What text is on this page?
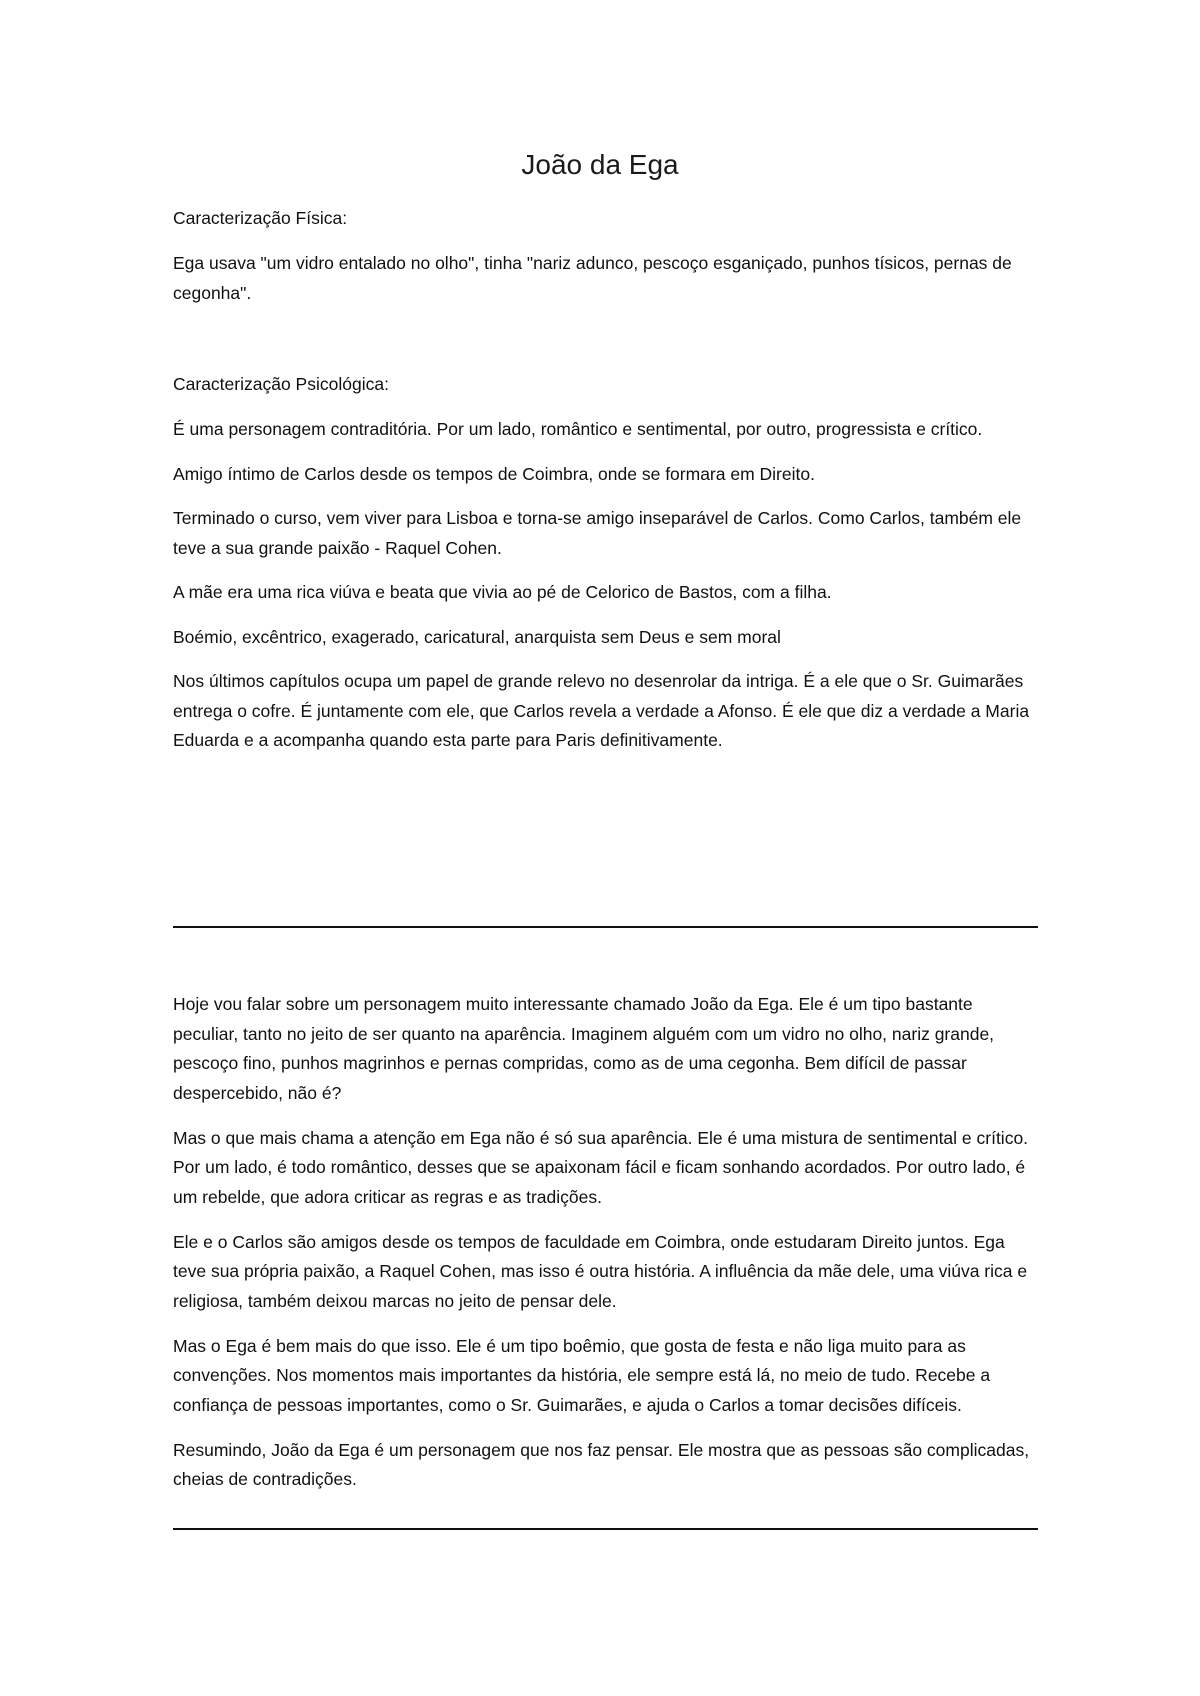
João da Ega
Caracterização Física:

Ega usava "um vidro entalado no olho", tinha "nariz adunco, pescoço esganiçado, punhos tísicos, pernas de cegonha".

Caracterização Psicológica:

É uma personagem contraditória. Por um lado, romântico e sentimental, por outro, progressista e crítico.

Amigo íntimo de Carlos desde os tempos de Coimbra, onde se formara em Direito.

Terminado o curso, vem viver para Lisboa e torna-se amigo inseparável de Carlos. Como Carlos, também ele teve a sua grande paixão - Raquel Cohen.

A mãe era uma rica viúva e beata que vivia ao pé de Celorico de Bastos, com a filha.

Boémio, excêntrico, exagerado, caricatural, anarquista sem Deus e sem moral

Nos últimos capítulos ocupa um papel de grande relevo no desenrolar da intriga. É a ele que o Sr. Guimarães entrega o cofre. É juntamente com ele, que Carlos revela a verdade a Afonso. É ele que diz a verdade a Maria Eduarda e a acompanha quando esta parte para Paris definitivamente.

Hoje vou falar sobre um personagem muito interessante chamado João da Ega. Ele é um tipo bastante peculiar, tanto no jeito de ser quanto na aparência. Imaginem alguém com um vidro no olho, nariz grande, pescoço fino, punhos magrinhos e pernas compridas, como as de uma cegonha. Bem difícil de passar despercebido, não é?

Mas o que mais chama a atenção em Ega não é só sua aparência. Ele é uma mistura de sentimental e crítico. Por um lado, é todo romântico, desses que se apaixonam fácil e ficam sonhando acordados. Por outro lado, é um rebelde, que adora criticar as regras e as tradições.

Ele e o Carlos são amigos desde os tempos de faculdade em Coimbra, onde estudaram Direito juntos. Ega teve sua própria paixão, a Raquel Cohen, mas isso é outra história. A influência da mãe dele, uma viúva rica e religiosa, também deixou marcas no jeito de pensar dele.

Mas o Ega é bem mais do que isso. Ele é um tipo boêmio, que gosta de festa e não liga muito para as convenções. Nos momentos mais importantes da história, ele sempre está lá, no meio de tudo. Recebe a confiança de pessoas importantes, como o Sr. Guimarães, e ajuda o Carlos a tomar decisões difíceis.

Resumindo, João da Ega é um personagem que nos faz pensar. Ele mostra que as pessoas são complicadas, cheias de contradições.
